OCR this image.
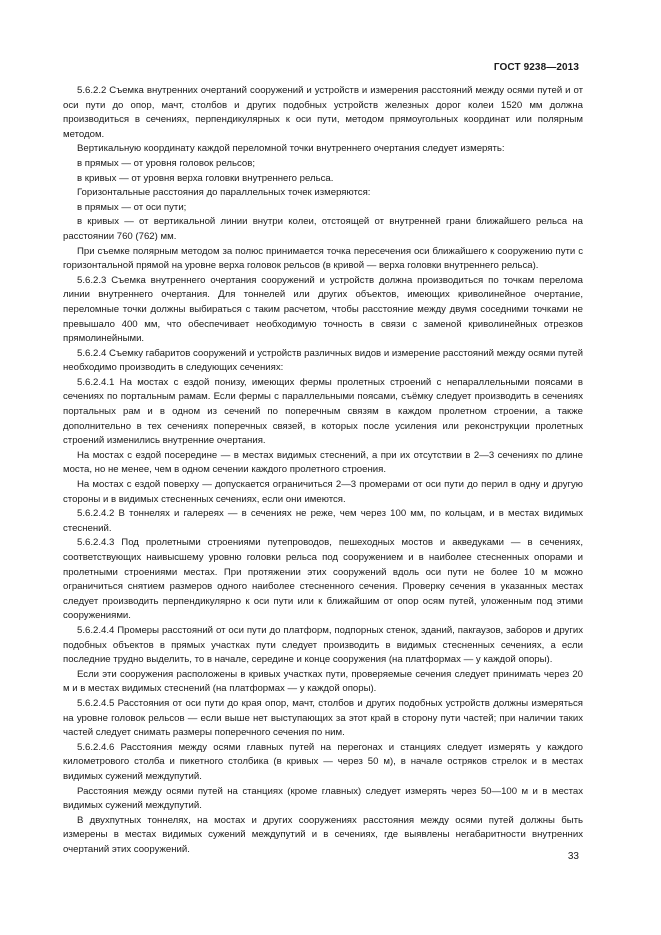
ГОСТ 9238—2013

5.6.2.2 Съемка внутренних очертаний сооружений и устройств и измерения расстояний между осями путей и от оси пути до опор, мачт, столбов и других подобных устройств железных дорог колеи 1520 мм должна производиться в сечениях, перпендикулярных к оси пути, методом прямоугольных координат или полярным методом.

Вертикальную координату каждой переломной точки внутреннего очертания следует измерять:

в прямых — от уровня головок рельсов;

в кривых — от уровня верха головки внутреннего рельса.

Горизонтальные расстояния до параллельных точек измеряются:

в прямых — от оси пути;

в кривых — от вертикальной линии внутри колеи, отстоящей от внутренней грани ближайшего рельса на расстоянии 760 (762) мм.

При съемке полярным методом за полюс принимается точка пересечения оси ближайшего к сооружению пути с горизонтальной прямой на уровне верха головок рельсов (в кривой — верха головки внутреннего рельса).

5.6.2.3 Съемка внутреннего очертания сооружений и устройств должна производиться по точкам перелома линии внутреннего очертания. Для тоннелей или других объектов, имеющих криволинейное очертание, переломные точки должны выбираться с таким расчетом, чтобы расстояние между двумя соседними точками не превышало 400 мм, что обеспечивает необходимую точность в связи с заменой криволинейных отрезков прямолинейными.

5.6.2.4 Съемку габаритов сооружений и устройств различных видов и измерение расстояний между осями путей необходимо производить в следующих сечениях:

5.6.2.4.1 На мостах с ездой понизу, имеющих фермы пролетных строений с непараллельными поясами в сечениях по портальным рамам. Если фермы с параллельными поясами, съёмку следует производить в сечениях портальных рам и в одном из сечений по поперечным связям в каждом пролетном строении, а также дополнительно в тех сечениях поперечных связей, в которых после усиления или реконструкции пролетных строений изменились внутренние очертания.

На мостах с ездой посередине — в местах видимых стеснений, а при их отсутствии в 2—3 сечениях по длине моста, но не менее, чем в одном сечении каждого пролетного строения.

На мостах с ездой поверху — допускается ограничиться 2—3 промерами от оси пути до перил в одну и другую стороны и в видимых стесненных сечениях, если они имеются.

5.6.2.4.2 В тоннелях и галереях — в сечениях не реже, чем через 100 мм, по кольцам, и в местах видимых стеснений.

5.6.2.4.3 Под пролетными строениями путепроводов, пешеходных мостов и акведуками — в сечениях, соответствующих наивысшему уровню головки рельса под сооружением и в наиболее стесненных опорами и пролетными строениями местах. При протяжении этих сооружений вдоль оси пути не более 10 м можно ограничиться снятием размеров одного наиболее стесненного сечения. Проверку сечения в указанных местах следует производить перпендикулярно к оси пути или к ближайшим от опор осям путей, уложенным под этими сооружениями.

5.6.2.4.4 Промеры расстояний от оси пути до платформ, подпорных стенок, зданий, пакгаузов, заборов и других подобных объектов в прямых участках пути следует производить в видимых стесненных сечениях, а если последние трудно выделить, то в начале, середине и конце сооружения (на платформах — у каждой опоры).

Если эти сооружения расположены в кривых участках пути, проверяемые сечения следует принимать через 20 м и в местах видимых стеснений (на платформах — у каждой опоры).

5.6.2.4.5 Расстояния от оси пути до края опор, мачт, столбов и других подобных устройств должны измеряться на уровне головок рельсов — если выше нет выступающих за этот край в сторону пути частей; при наличии таких частей следует снимать размеры поперечного сечения по ним.

5.6.2.4.6 Расстояния между осями главных путей на перегонах и станциях следует измерять у каждого километрового столба и пикетного столбика (в кривых — через 50 м), в начале остряков стрелок и в местах видимых сужений междупутий.

Расстояния между осями путей на станциях (кроме главных) следует измерять через 50—100 м и в местах видимых сужений междупутий.

В двухпутных тоннелях, на мостах и других сооружениях расстояния между осями путей должны быть измерены в местах видимых сужений междупутий и в сечениях, где выявлены негабаритности внутренних очертаний этих сооружений.

33
